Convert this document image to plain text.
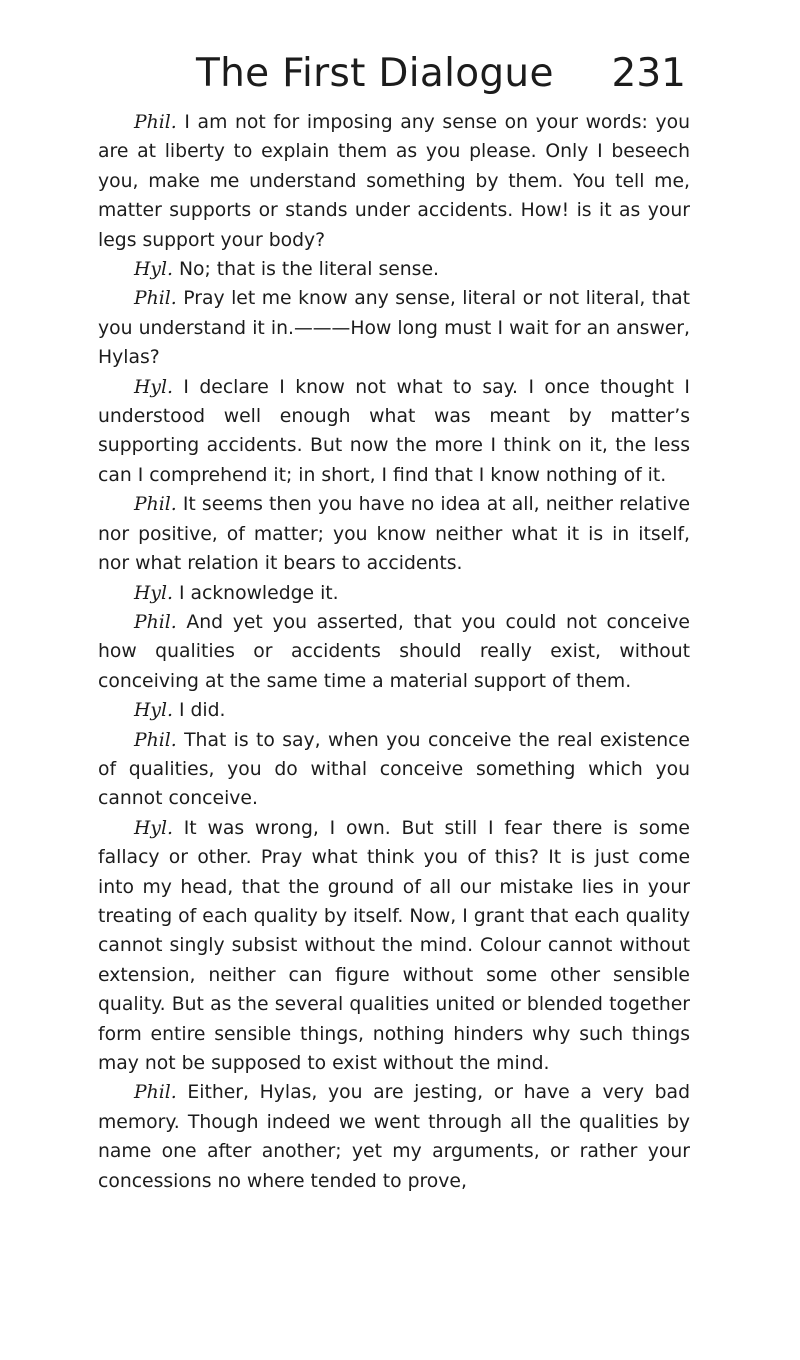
The First Dialogue 231

Phil. I am not for imposing any sense on your words: you are at liberty to explain them as you please. Only I beseech you, make me understand something by them. You tell me, matter supports or stands under accidents. How! is it as your legs support your body?

Hyl. No; that is the literal sense.

Phil. Pray let me know any sense, literal or not literal, that you understand it in.———How long must I wait for an answer, Hylas?

Hyl. I declare I know not what to say. I once thought I understood well enough what was meant by matter’s supporting accidents. But now the more I think on it, the less can I comprehend it; in short, I find that I know nothing of it.

Phil. It seems then you have no idea at all, neither relative nor positive, of matter; you know neither what it is in itself, nor what relation it bears to accidents.

Hyl. I acknowledge it.

Phil. And yet you asserted, that you could not conceive how qualities or accidents should really exist, without conceiving at the same time a material support of them.

Hyl. I did.

Phil. That is to say, when you conceive the real existence of qualities, you do withal conceive something which you cannot conceive.

Hyl. It was wrong, I own. But still I fear there is some fallacy or other. Pray what think you of this? It is just come into my head, that the ground of all our mistake lies in your treating of each quality by itself. Now, I grant that each quality cannot singly subsist without the mind. Colour cannot without extension, neither can figure without some other sensible quality. But as the several qualities united or blended together form entire sensible things, nothing hinders why such things may not be supposed to exist without the mind.

Phil. Either, Hylas, you are jesting, or have a very bad memory. Though indeed we went through all the qualities by name one after another; yet my arguments, or rather your concessions no where tended to prove,
